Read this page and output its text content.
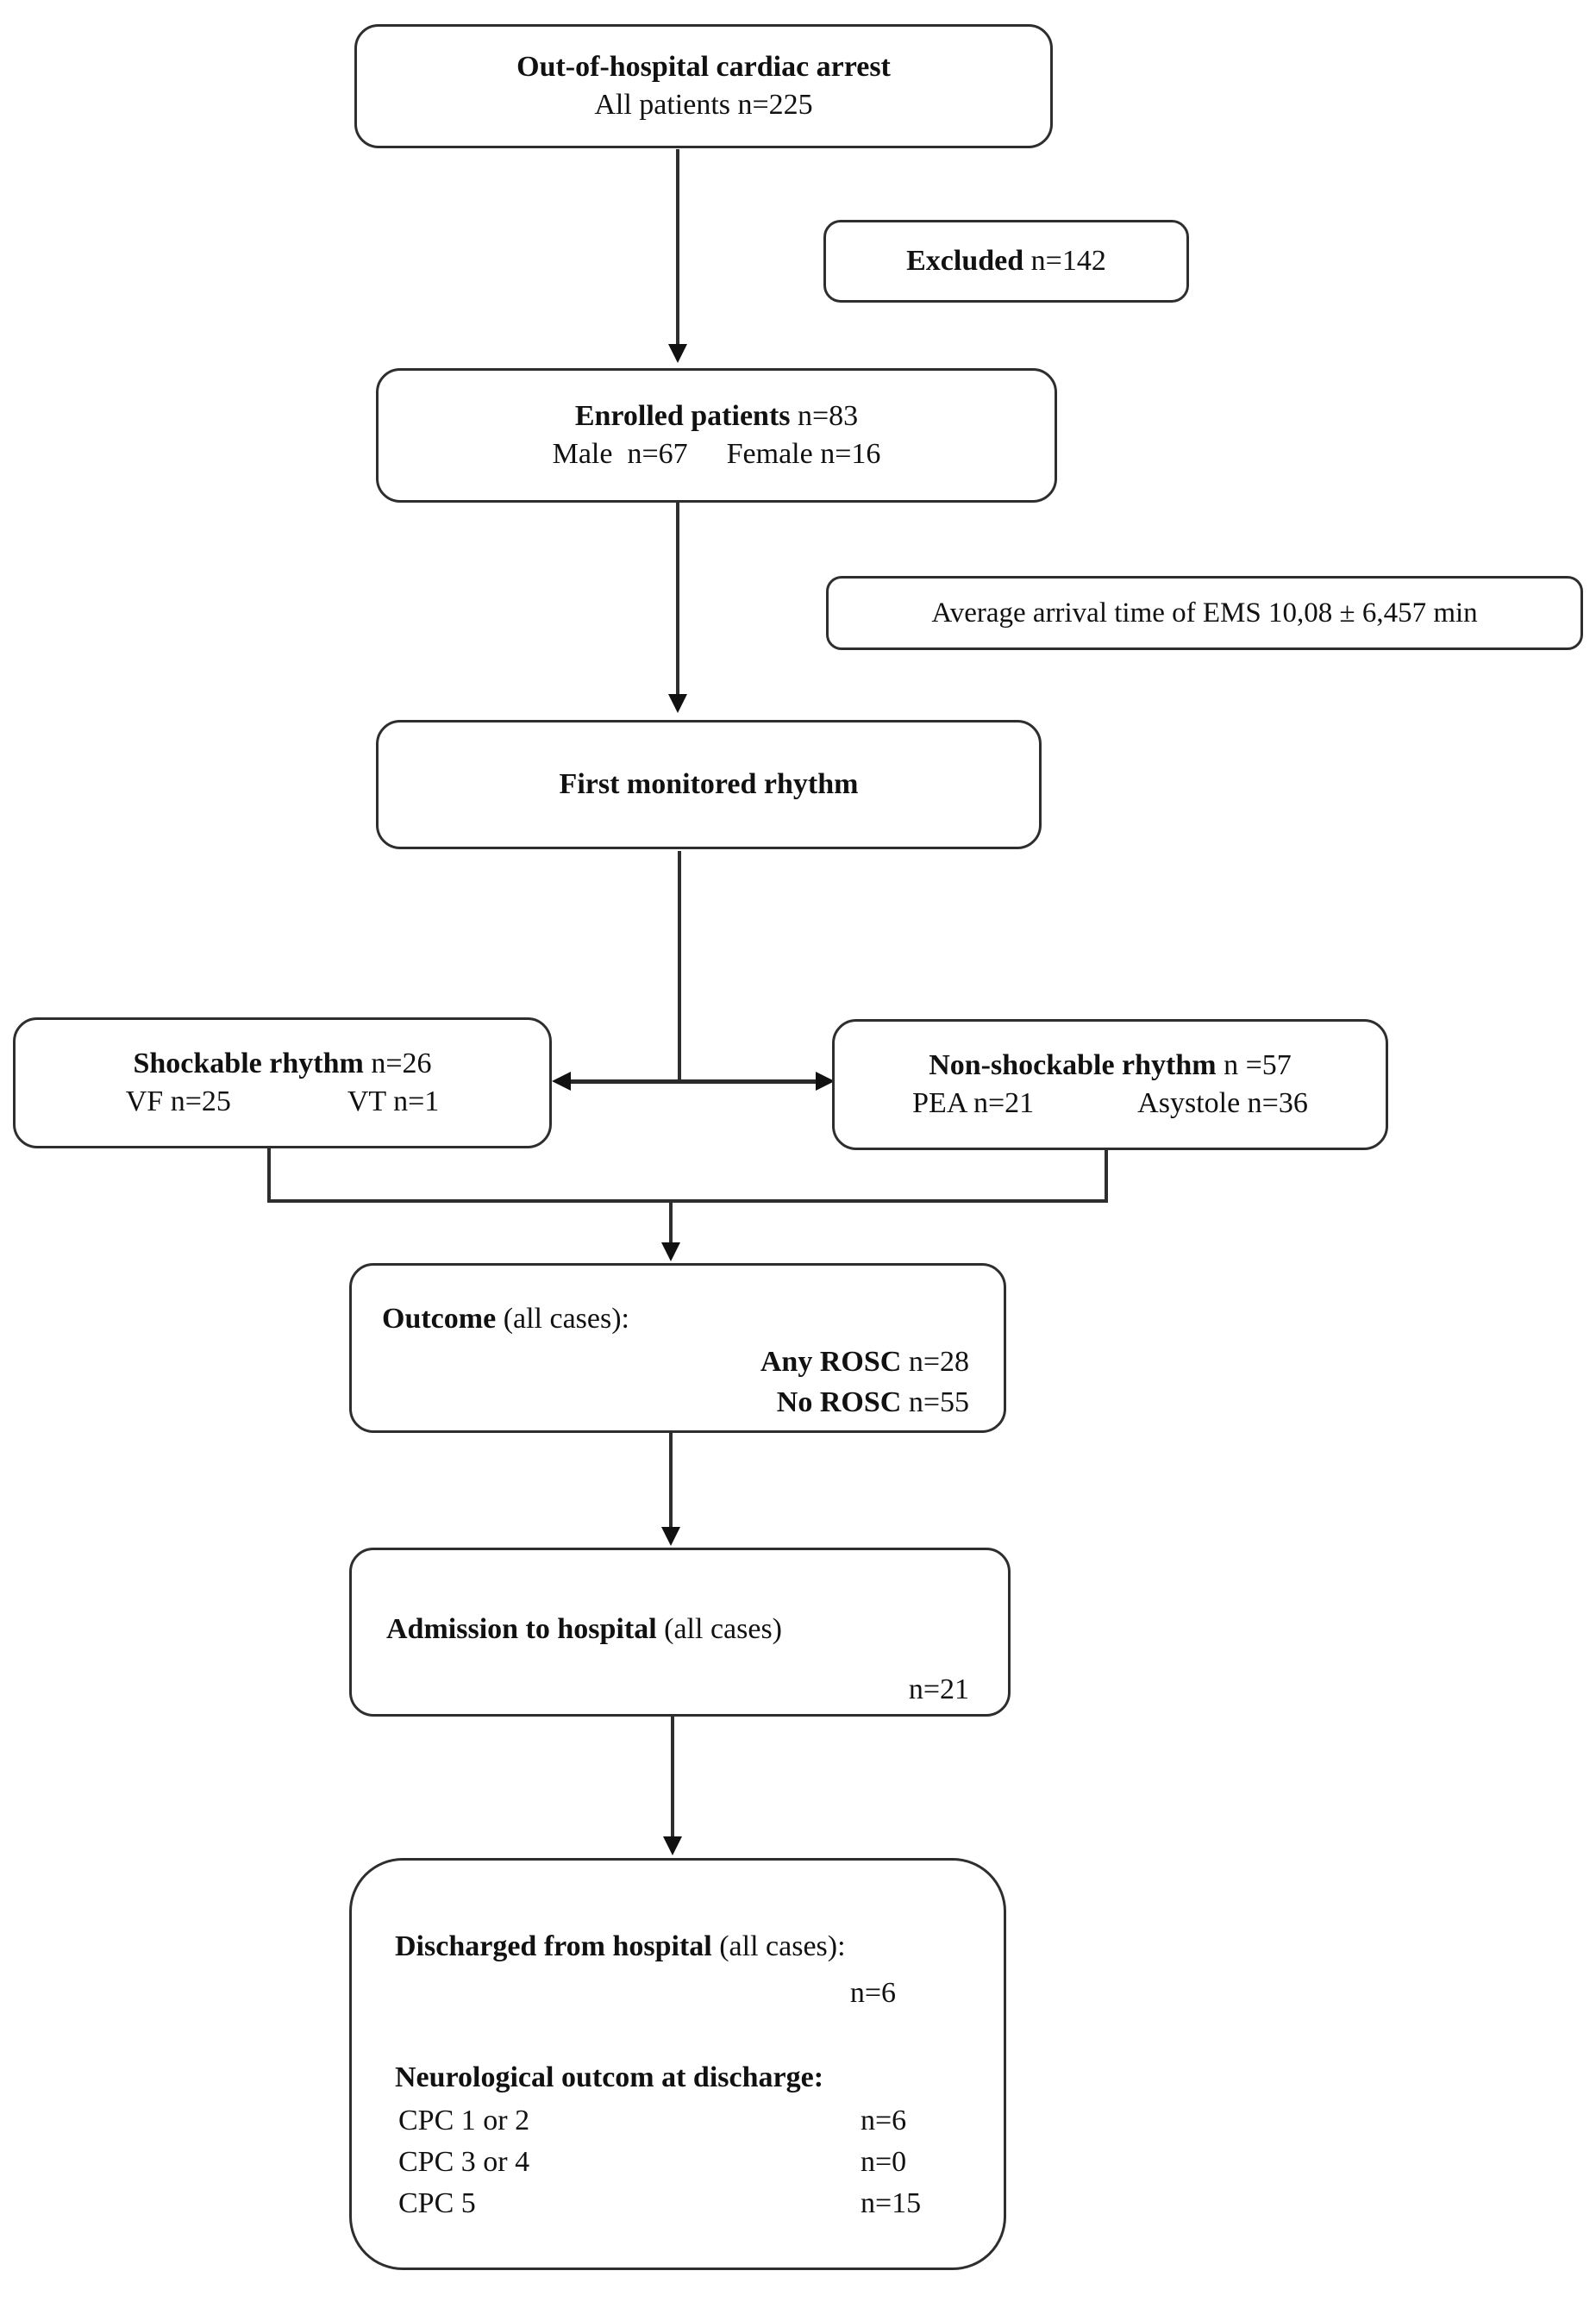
Out-of-hospital cardiac arrest
All patients n=225
Excluded n=142
Enrolled patients n=83
Male  n=67 Female n=16
Average arrival time of EMS 10,08 ± 6,457 min
First monitored rhythm
Shockable rhythm n=26
VF n=25	VT n=1
Non-shockable rhythm n =57
PEA n=21	Asystole n=36
Outcome (all cases):
Any ROSC n=28
No ROSC n=55
Admission to hospital (all cases)
n=21
Discharged from hospital (all cases):
n=6
Neurological outcom at discharge:
CPC 1 or 2	n=6
CPC 3 or 4	n=0
CPC 5	n=15
